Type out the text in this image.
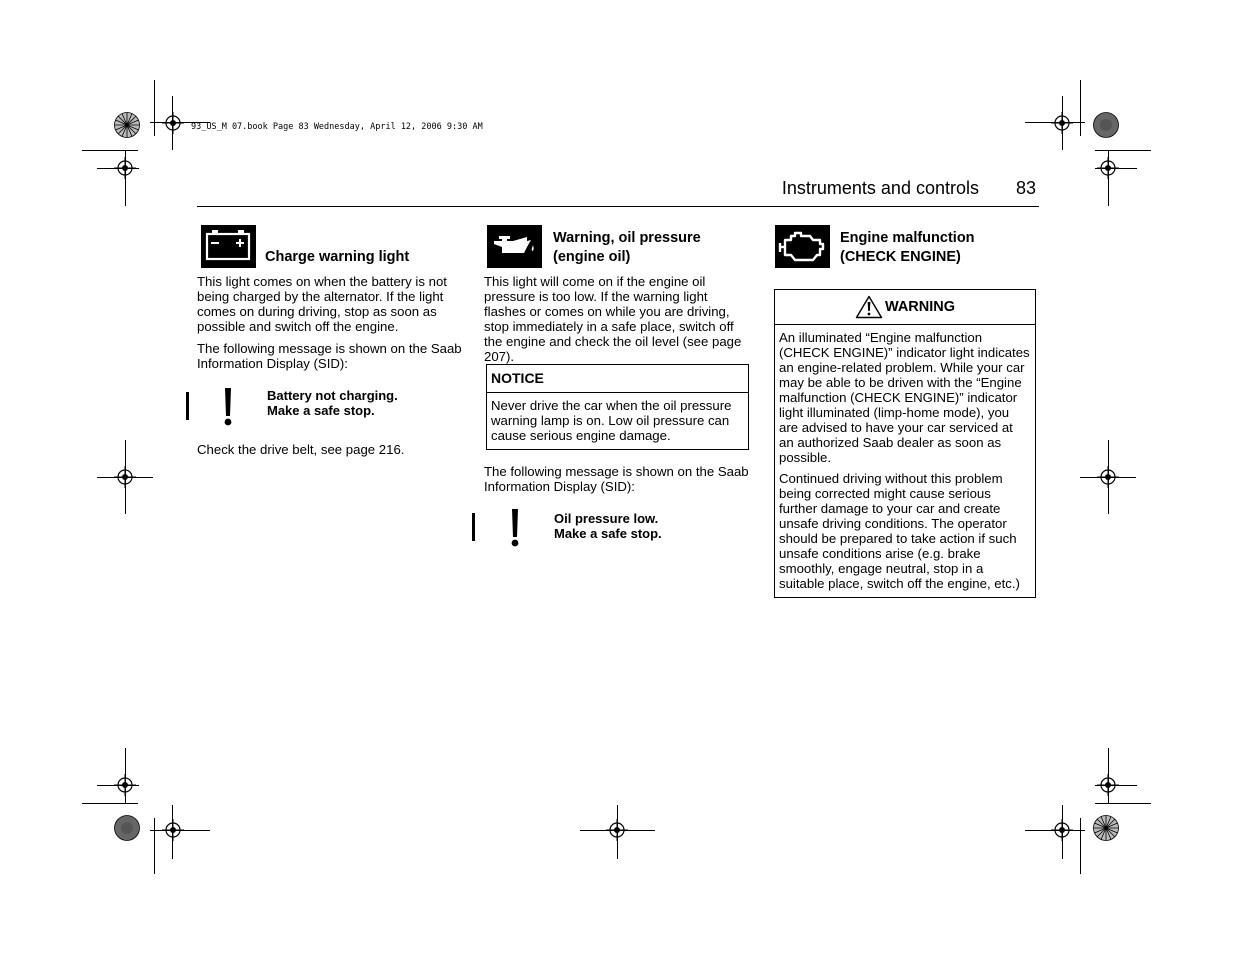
93_US_M 07.book Page 83 Wednesday, April 12, 2006 9:30 AM
Instruments and controls 83
Charge warning light
This light comes on when the battery is not being charged by the alternator. If the light comes on during driving, stop as soon as possible and switch off the engine.
The following message is shown on the Saab Information Display (SID):
Battery not charging.
Make a safe stop.
Check the drive belt, see page 216.
Warning, oil pressure
(engine oil)
This light will come on if the engine oil pressure is too low. If the warning light flashes or comes on while you are driving, stop immediately in a safe place, switch off the engine and check the oil level (see page 207).
NOTICE
Never drive the car when the oil pressure warning lamp is on. Low oil pressure can cause serious engine damage.
The following message is shown on the Saab Information Display (SID):
Oil pressure low.
Make a safe stop.
Engine malfunction
(CHECK ENGINE)
WARNING

An illuminated “Engine malfunction (CHECK ENGINE)” indicator light indicates an engine-related problem. While your car may be able to be driven with the “Engine malfunction (CHECK ENGINE)” indicator light illuminated (limp-home mode), you are advised to have your car serviced at an authorized Saab dealer as soon as possible.

Continued driving without this problem being corrected might cause serious further damage to your car and create unsafe driving conditions. The operator should be prepared to take action if such unsafe conditions arise (e.g. brake smoothly, engage neutral, stop in a suitable place, switch off the engine, etc.)
